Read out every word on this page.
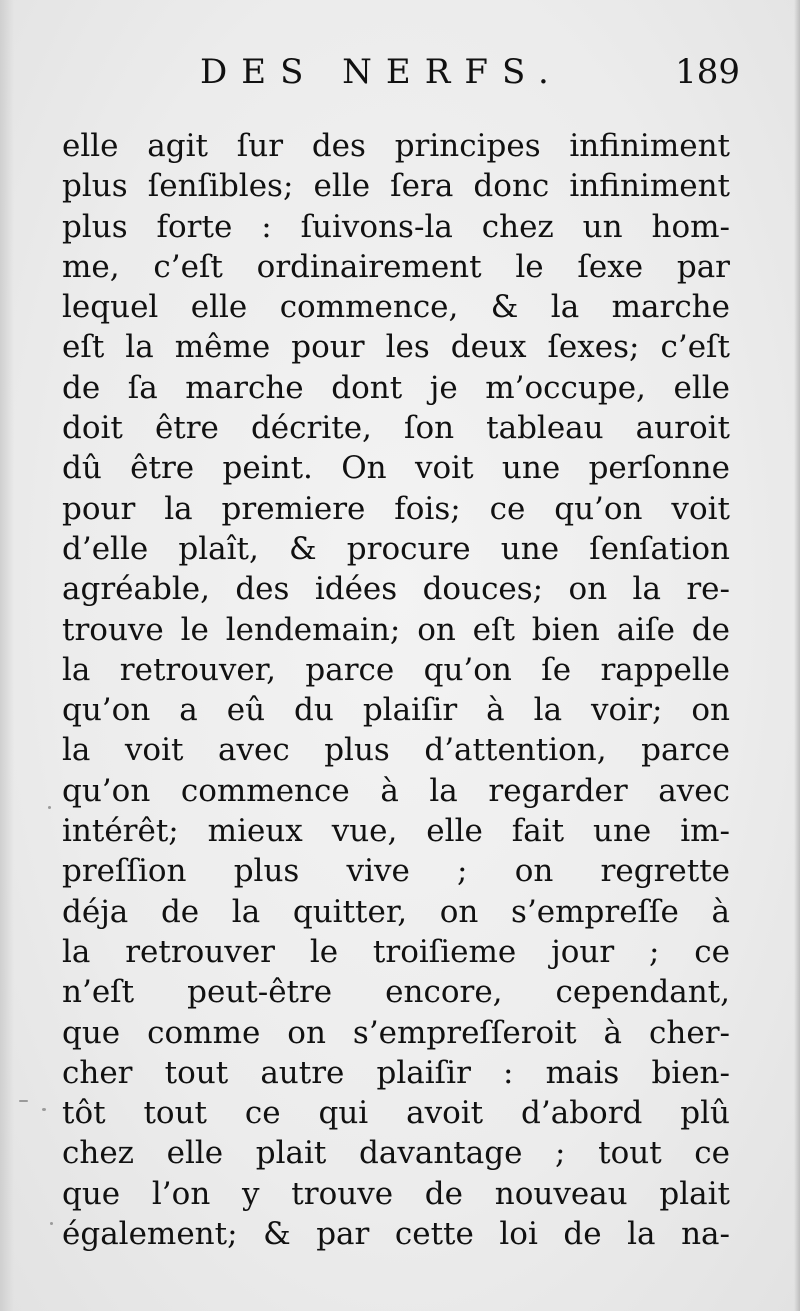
DES NERFS.	189
elle agit ſur des principes infiniment
plus ſenſibles; elle ſera donc infiniment
plus forte : ſuivons-la chez un hom-
me, c’eſt ordinairement le ſexe par
lequel elle commence, & la marche
eſt la même pour les deux ſexes; c’eſt
de ſa marche dont je m’occupe, elle
doit être décrite, ſon tableau auroit
dû être peint. On voit une perſonne
pour la premiere fois; ce qu’on voit
d’elle plaît, & procure une ſenſation
agréable, des idées douces; on la re-
trouve le lendemain; on eſt bien aiſe de
la retrouver, parce qu’on ſe rappelle
qu’on a eû du plaiſir à la voir; on
la voit avec plus d’attention, parce
qu’on commence à la regarder avec
intérêt; mieux vue, elle fait une im-
preſſion plus vive ; on regrette
déja de la quitter, on s’empreſſe à
la retrouver le troiſieme jour ; ce
n’eſt peut-être encore, cependant,
que comme on s’empreſſeroit à cher-
cher tout autre plaiſir : mais bien-
tôt tout ce qui avoit d’abord plû
chez elle plait davantage ; tout ce
que l’on y trouve de nouveau plait
également; & par cette loi de la na-
